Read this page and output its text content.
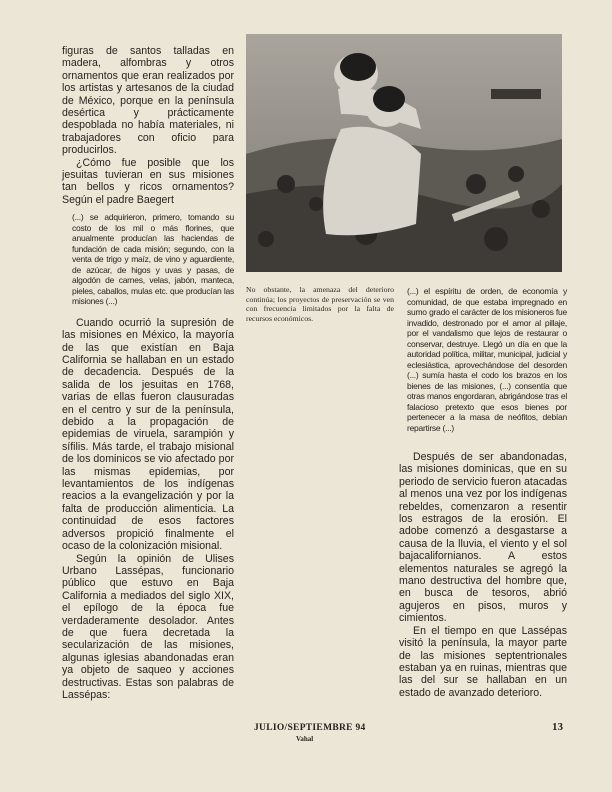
figuras de santos talladas en madera, alfombras y otros ornamentos que eran realizados por los artistas y artesanos de la ciudad de México, porque en la península desértica y prácticamente despoblada no había materiales, ni trabajadores con oficio para producirlos.

¿Cómo fue posible que los jesuitas tuvieran en sus misiones tan bellos y ricos ornamentos? Según el padre Baegert

(...) se adquirieron, primero, tomando su costo de los mil o más florines, que anualmente producían las haciendas de fundación de cada misión; segundo, con la venta de trigo y maíz, de vino y aguardiente, de azúcar, de higos y uvas y pasas, de algodón de carnes, velas, jabón, manteca, pieles, caballos, mulas etc. que producían las misiones (...)

Cuando ocurrió la supresión de las misiones en México, la mayoría de las que existían en Baja California se hallaban en un estado de decadencia. Después de la salida de los jesuitas en 1768, varias de ellas fueron clausuradas en el centro y sur de la península, debido a la propagación de epidemias de viruela, sarampión y sífilis. Más tarde, el trabajo misional de los dominicos se vio afectado por las mismas epidemias, por levantamientos de los indígenas reacios a la evangelización y por la falta de producción alimenticia. La continuidad de esos factores adversos propició finalmente el ocaso de la colonización misional.

Según la opinión de Ulises Urbano Lassépas, funcionario público que estuvo en Baja California a mediados del siglo XIX, el epílogo de la época fue verdaderamente desolador. Antes de que fuera decretada la secularización de las misiones, algunas iglesias abandonadas eran ya objeto de saqueo y acciones destructivas. Estas son palabras de Lassépas:

No obstante, la amenaza del deterioro continúa; los proyectos de preservación se ven con frecuencia limitados por la falta de recursos económicos.
(...) el espíritu de orden, de economía y comunidad, de que estaba impregnado en sumo grado el carácter de los misioneros fue invadido, destronado por el amor al pillaje, por el vandalismo que lejos de restaurar o conservar, destruye. Llegó un día en que la autoridad política, militar, municipal, judicial y eclesiástica, aprovechándose del desorden (...) sumía hasta el codo los brazos en los bienes de las misiones, (...) consentía que otras manos engordaran, abrigándose tras el falacioso pretexto que esos bienes por pertenecer a la masa de neófitos, debían repartirse (...)

Después de ser abandonadas, las misiones dominicas, que en su periodo de servicio fueron atacadas al menos una vez por los indígenas rebeldes, comenzaron a resentir los estragos de la erosión. El adobe comenzó a desgastarse a causa de la lluvia, el viento y el sol bajacalifornianos. A estos elementos naturales se agregó la mano destructiva del hombre que, en busca de tesoros, abrió agujeros en pisos, muros y cimientos.

En el tiempo en que Lassépas visitó la península, la mayor parte de las misiones septentrionales estaban ya en ruinas, mientras que las del sur se hallaban en un estado de avanzado deterioro.

JULIO/SEPTIEMBRE 94
Vahal
13
